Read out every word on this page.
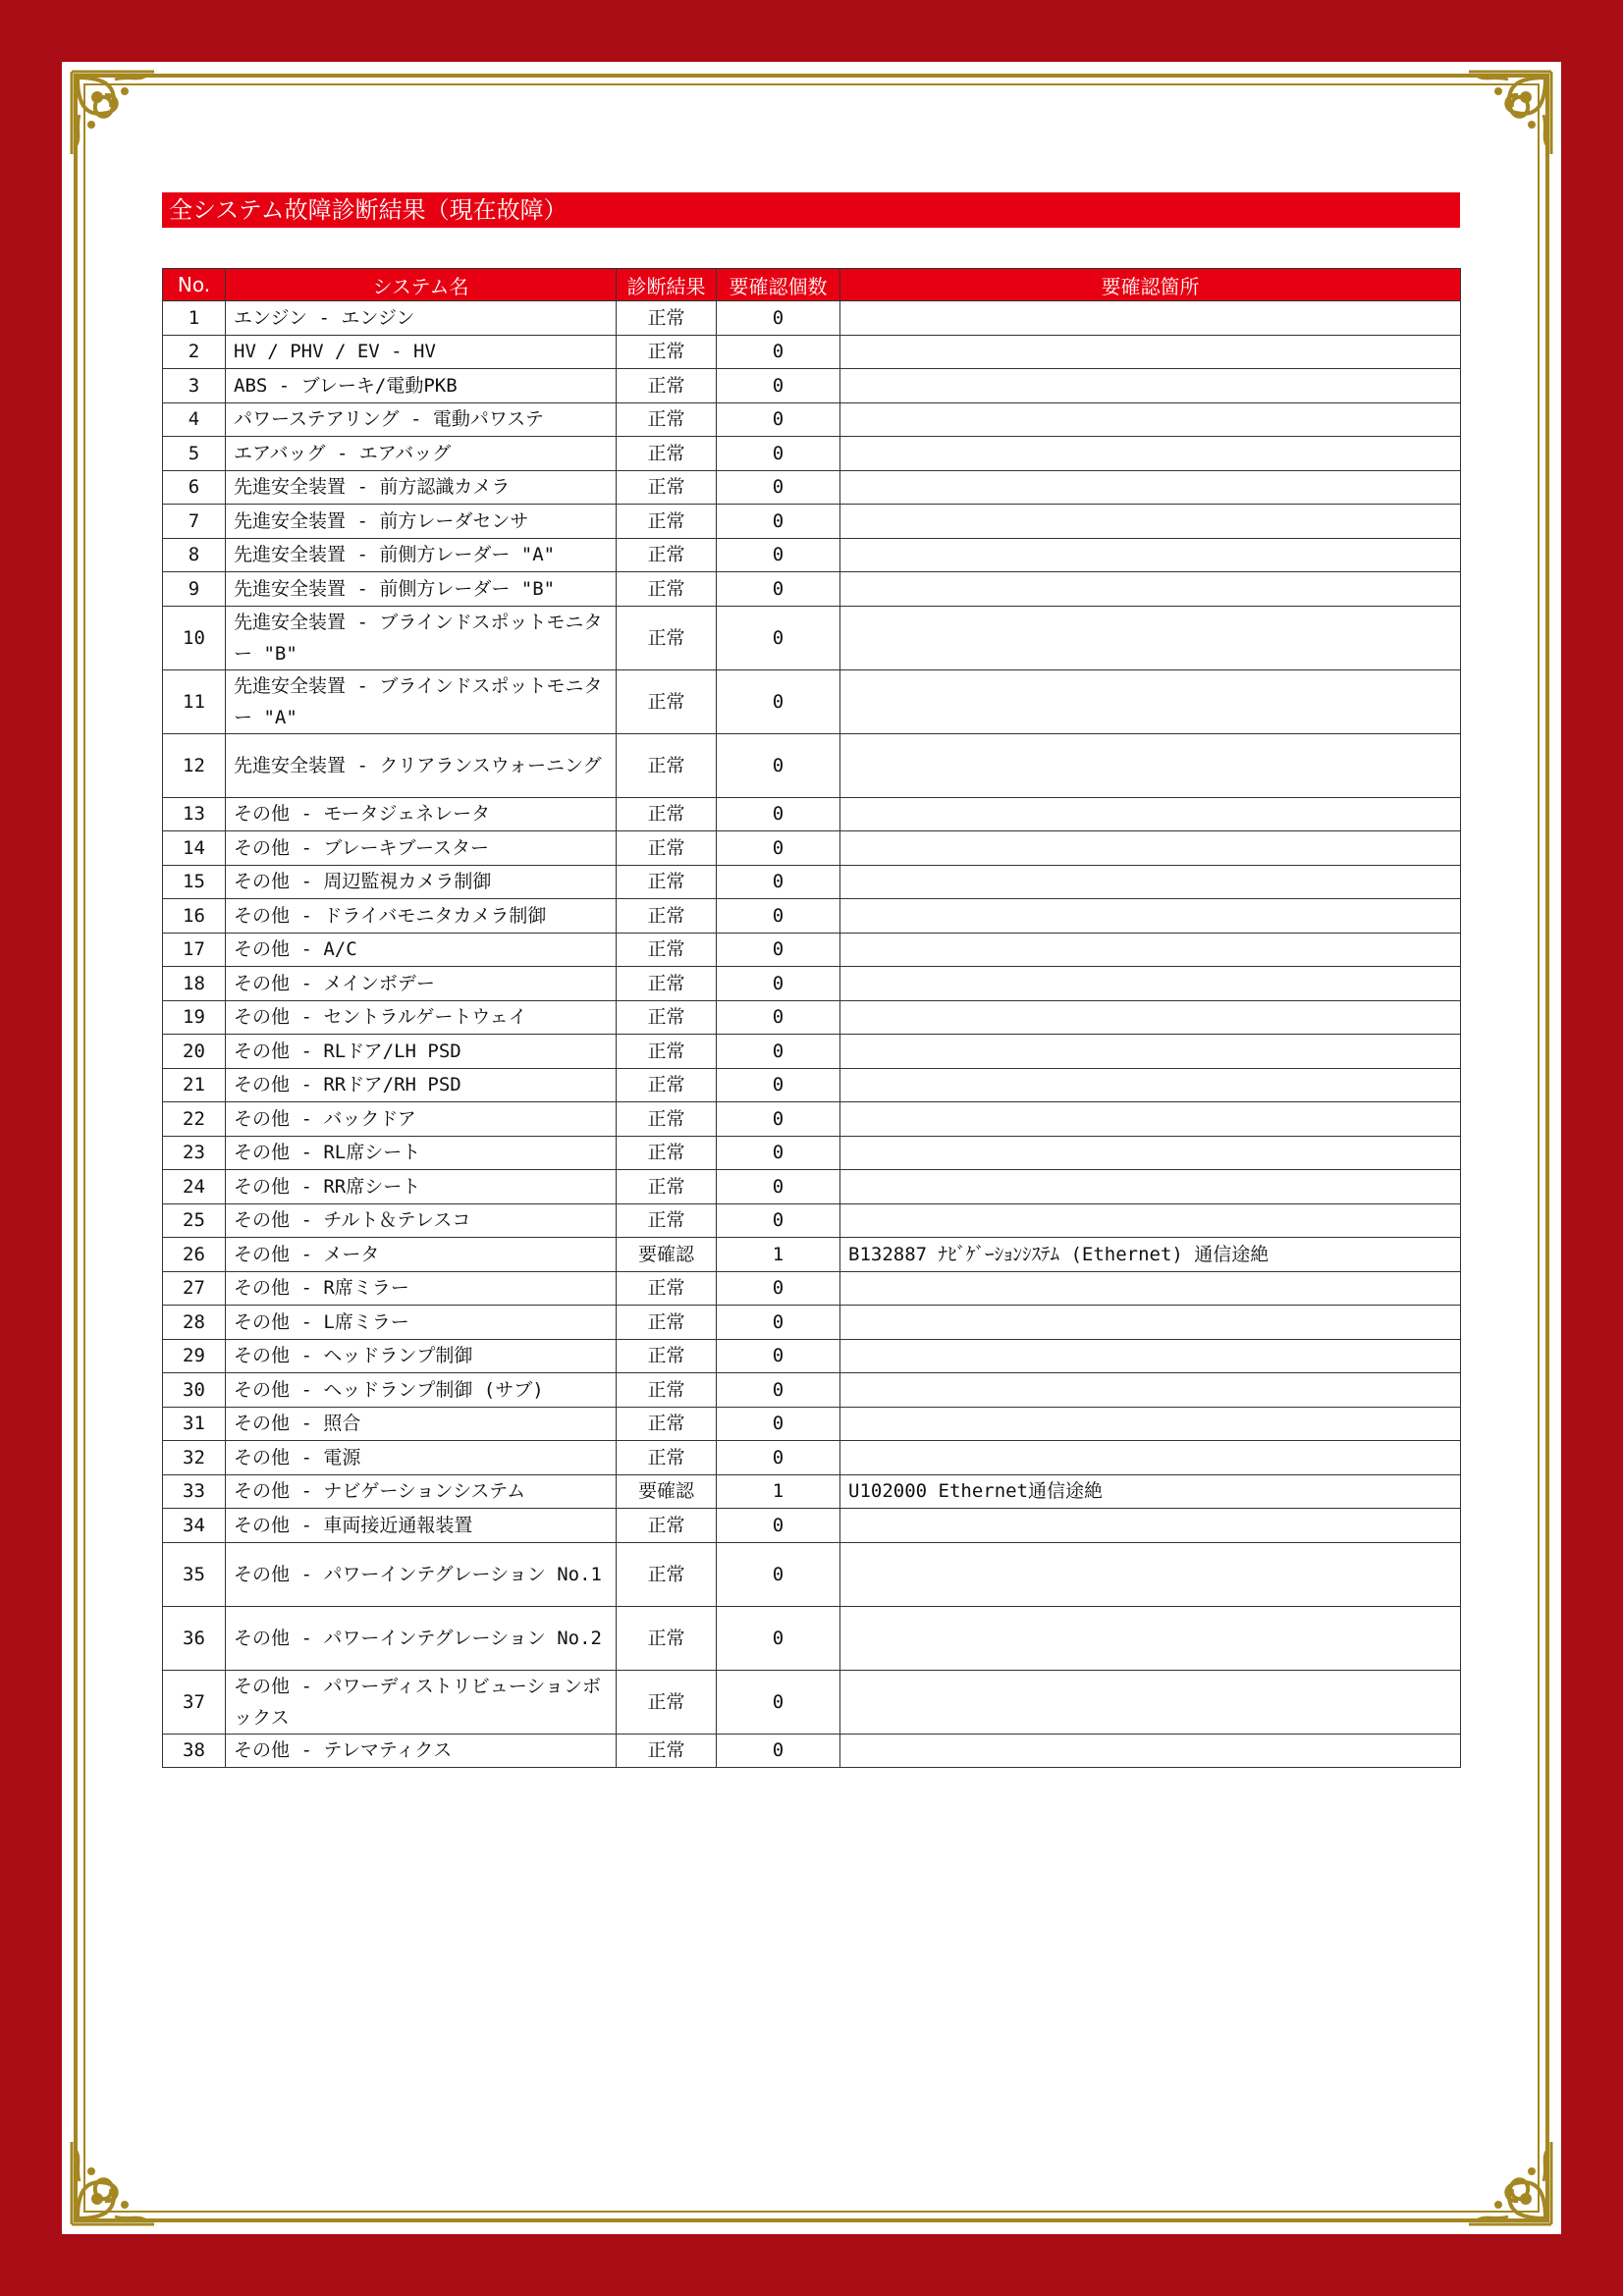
全システム故障診断結果（現在故障）
No.	システム名	診断結果	要確認個数	要確認箇所
1	エンジン - エンジン	正常	0	
2	HV / PHV / EV - HV	正常	0	
3	ABS - ブレーキ/電動PKB	正常	0	
4	パワーステアリング - 電動パワステ	正常	0	
5	エアバッグ - エアバッグ	正常	0	
6	先進安全装置 - 前方認識カメラ	正常	0	
7	先進安全装置 - 前方レーダセンサ	正常	0	
8	先進安全装置 - 前側方レーダー "A"	正常	0	
9	先進安全装置 - 前側方レーダー "B"	正常	0	
10	先進安全装置 - ブラインドスポットモニター "B"	正常	0	
11	先進安全装置 - ブラインドスポットモニター "A"	正常	0	
12	先進安全装置 - クリアランスウォーニング	正常	0	
13	その他 - モータジェネレータ	正常	0	
14	その他 - ブレーキブースター	正常	0	
15	その他 - 周辺監視カメラ制御	正常	0	
16	その他 - ドライバモニタカメラ制御	正常	0	
17	その他 - A/C	正常	0	
18	その他 - メインボデー	正常	0	
19	その他 - セントラルゲートウェイ	正常	0	
20	その他 - RLドア/LH PSD	正常	0	
21	その他 - RRドア/RH PSD	正常	0	
22	その他 - バックドア	正常	0	
23	その他 - RL席シート	正常	0	
24	その他 - RR席シート	正常	0	
25	その他 - チルト＆テレスコ	正常	0	
26	その他 - メータ	要確認	1	B132887 ﾅﾋﾞｹﾞｰｼｮﾝｼｽﾃﾑ (Ethernet) 通信途絶
27	その他 - R席ミラー	正常	0	
28	その他 - L席ミラー	正常	0	
29	その他 - ヘッドランプ制御	正常	0	
30	その他 - ヘッドランプ制御 (サブ)	正常	0	
31	その他 - 照合	正常	0	
32	その他 - 電源	正常	0	
33	その他 - ナビゲーションシステム	要確認	1	U102000 Ethernet通信途絶
34	その他 - 車両接近通報装置	正常	0	
35	その他 - パワーインテグレーション No.1	正常	0	
36	その他 - パワーインテグレーション No.2	正常	0	
37	その他 - パワーディストリビューションボックス	正常	0	
38	その他 - テレマティクス	正常	0	
